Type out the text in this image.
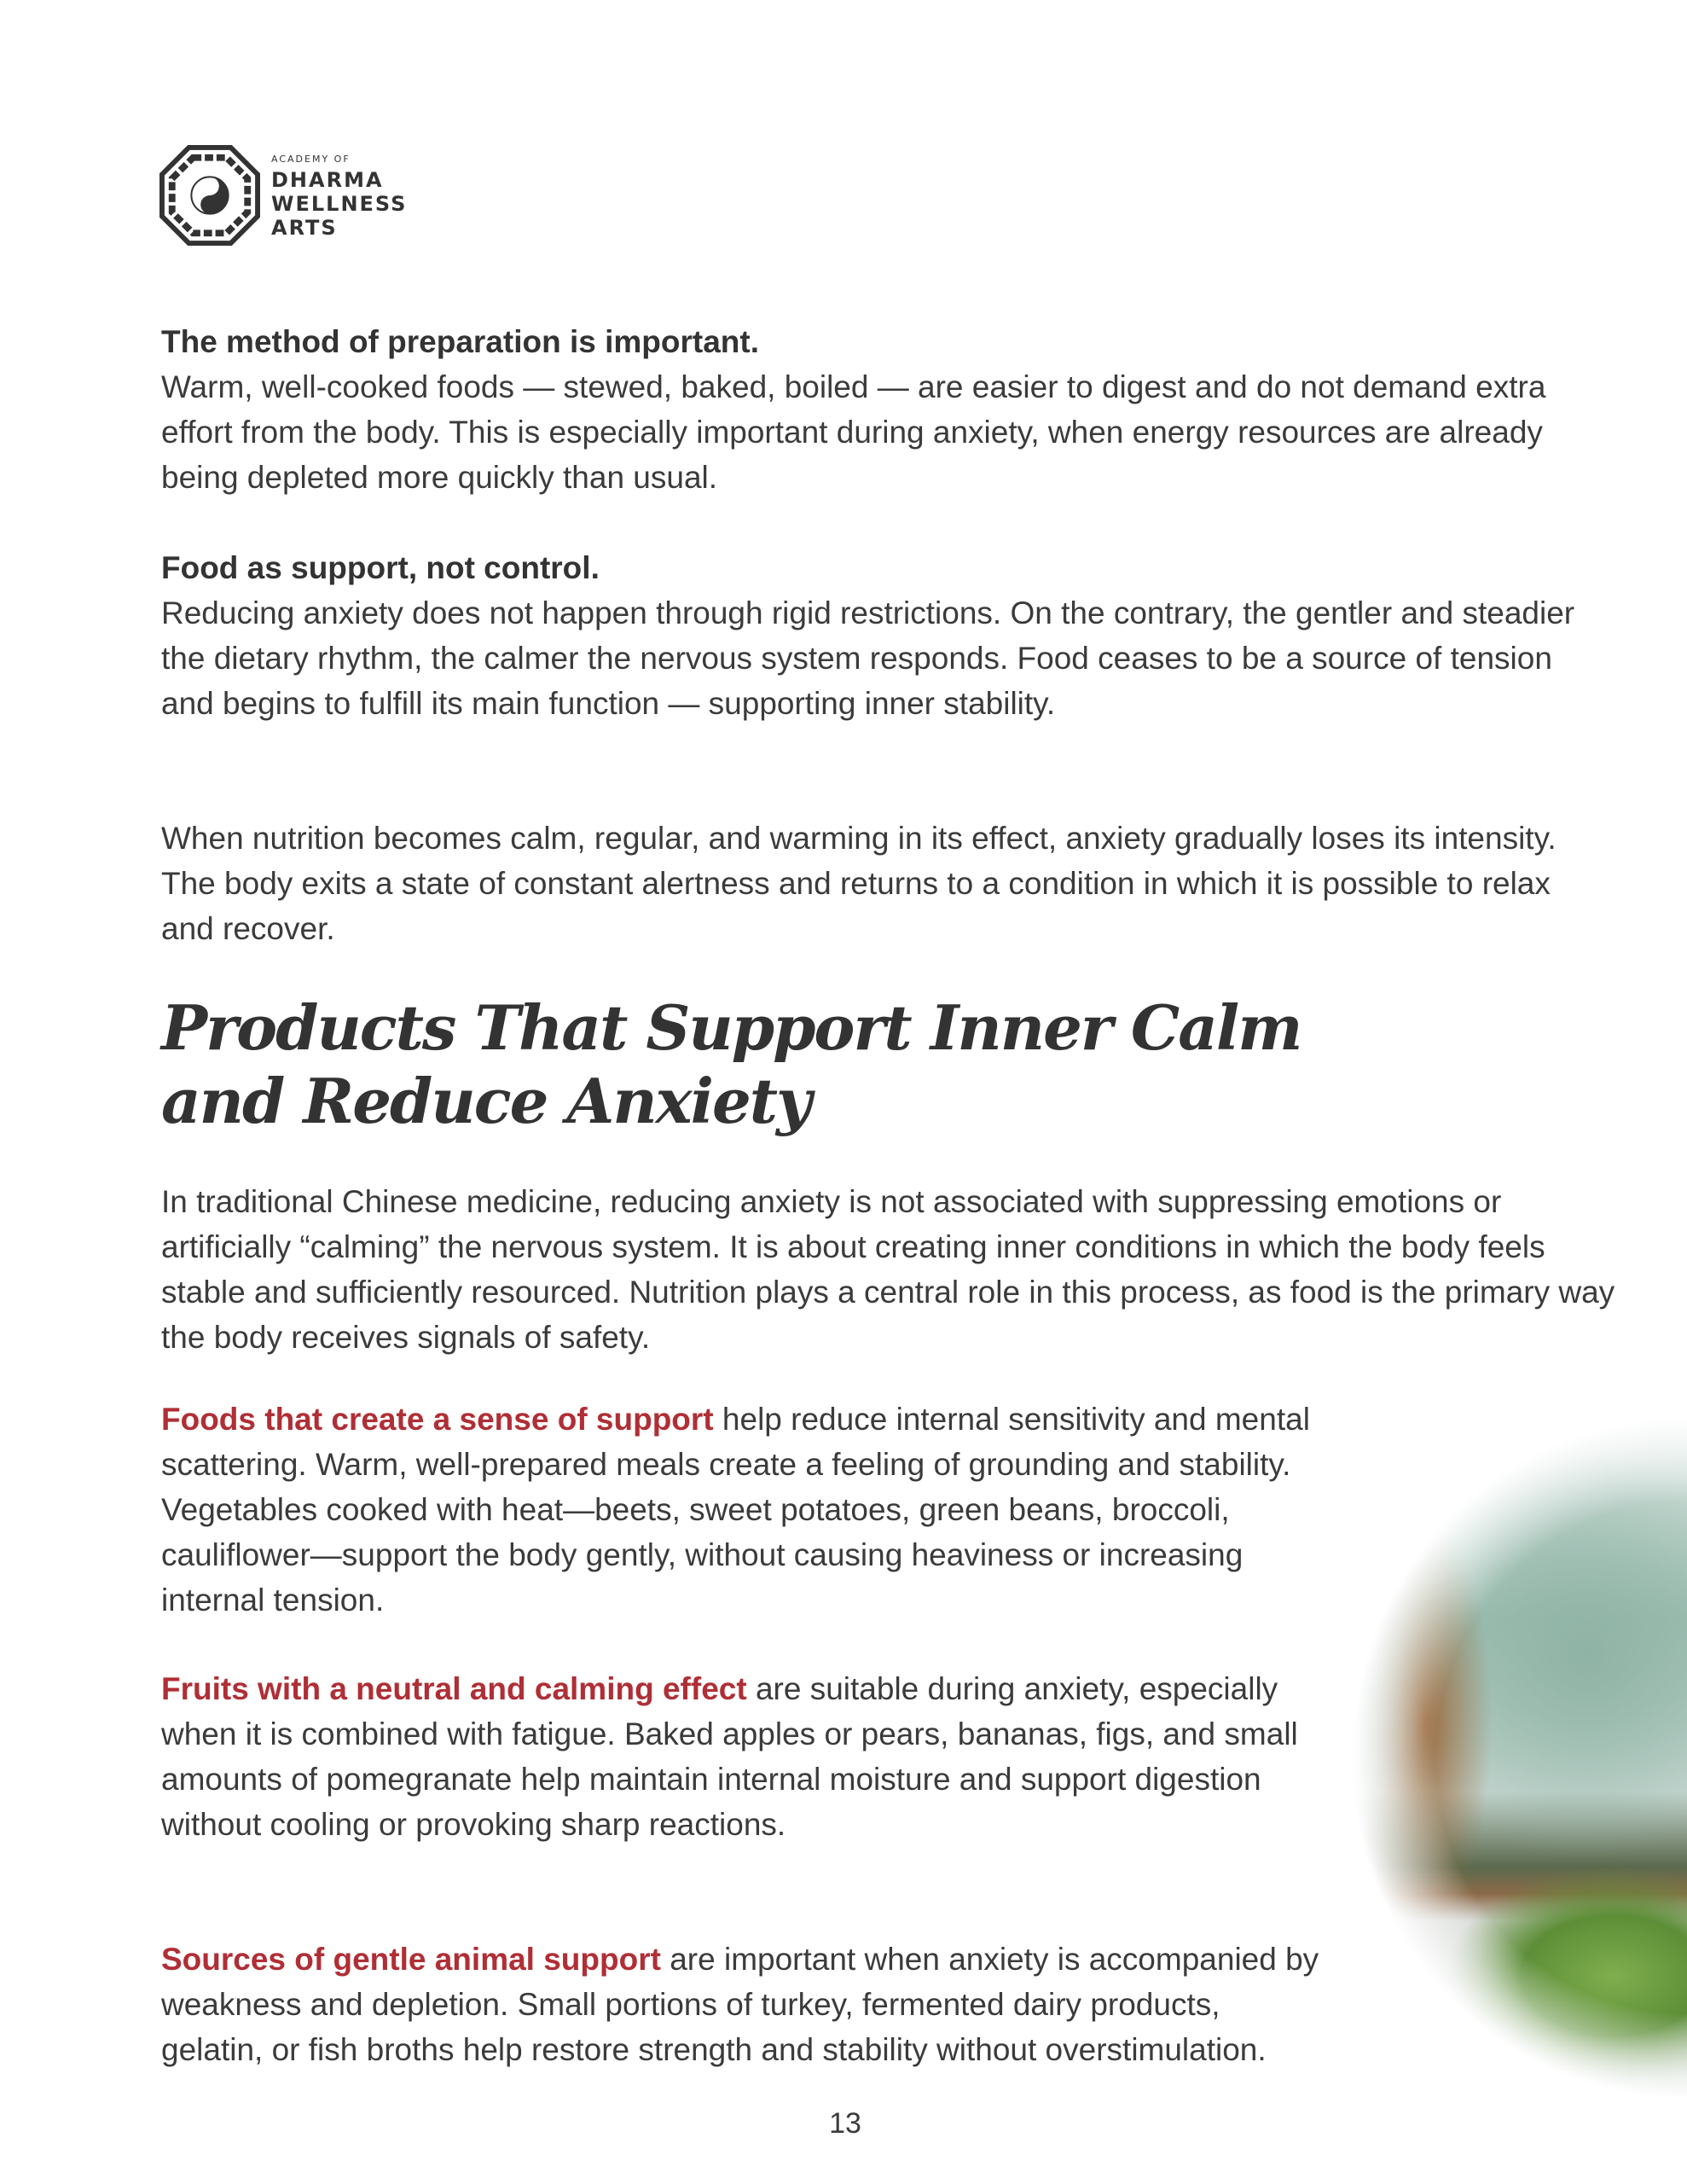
ACADEMY OF
DHARMA
WELLNESS
ARTS

The method of preparation is important.

Warm, well-cooked foods — stewed, baked, boiled — are easier to digest and do not demand extra effort from the body. This is especially important during anxiety, when energy resources are already being depleted more quickly than usual.

Food as support, not control.

Reducing anxiety does not happen through rigid restrictions. On the contrary, the gentler and steadier the dietary rhythm, the calmer the nervous system responds. Food ceases to be a source of tension and begins to fulfill its main function — supporting inner stability.

When nutrition becomes calm, regular, and warming in its effect, anxiety gradually loses its intensity. The body exits a state of constant alertness and returns to a condition in which it is possible to relax and recover.

Products That Support Inner Calm and Reduce Anxiety

In traditional Chinese medicine, reducing anxiety is not associated with suppressing emotions or artificially “calming” the nervous system. It is about creating inner conditions in which the body feels stable and sufficiently resourced. Nutrition plays a central role in this process, as food is the primary way the body receives signals of safety.

Foods that create a sense of support help reduce internal sensitivity and mental scattering. Warm, well-prepared meals create a feeling of grounding and stability. Vegetables cooked with heat—beets, sweet potatoes, green beans, broccoli, cauliflower—support the body gently, without causing heaviness or increasing internal tension.

Fruits with a neutral and calming effect are suitable during anxiety, especially when it is combined with fatigue. Baked apples or pears, bananas, figs, and small amounts of pomegranate help maintain internal moisture and support digestion without cooling or provoking sharp reactions.

Sources of gentle animal support are important when anxiety is accompanied by weakness and depletion. Small portions of turkey, fermented dairy products, gelatin, or fish broths help restore strength and stability without overstimulation.

13
